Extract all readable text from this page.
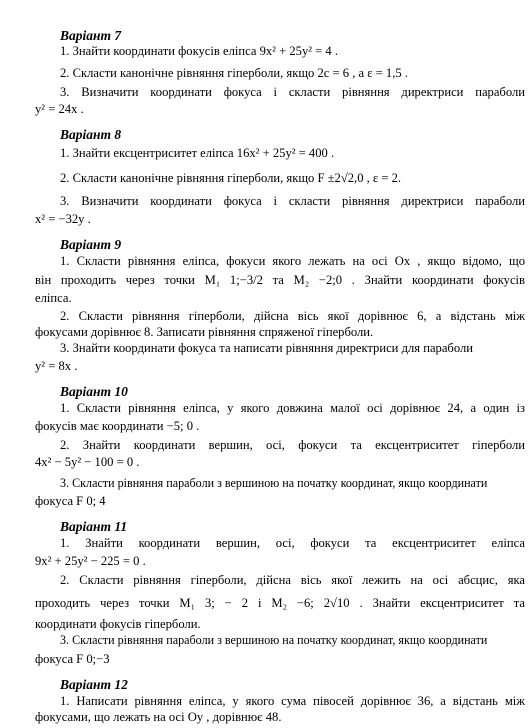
Варіант 7
1. Знайти координати фокусів еліпса 9x² + 25y² = 4 .
2. Скласти канонічне рівняння гіперболи, якщо 2c = 6 , а ε = 1,5 .
3. Визначити координати фокуса і скласти рівняння директриси параболи
y² = 24x .
Варіант 8
1. Знайти ексцентриситет еліпса 16x² + 25y² = 400 .
2. Скласти канонічне рівняння гіперболи, якщо F ±2√2,0 , ε = 2.
3. Визначити координати фокуса і скласти рівняння директриси параболи
x² = −32y .
Варіант 9
1. Скласти рівняння еліпса, фокуси якого лежать на осі Ox , якщо відомо, що
він проходить через точки M₁ 1;−3/2 та M₂ −2;0 . Знайти координати фокусів
еліпса.
2. Скласти рівняння гіперболи, дійсна вісь якої дорівнює 6, а відстань між
фокусами дорівнює 8. Записати рівняння спряженої гіперболи.
3. Знайти координати фокуса та написати рівняння директриси для параболи
y² = 8x .
Варіант 10
1. Скласти рівняння еліпса, у якого довжина малої осі дорівнює 24, а один із
фокусів має координати −5; 0 .
2. Знайти координати вершин, осі, фокуси та ексцентриситет гіперболи
4x² − 5y² − 100 = 0 .
3. Скласти рівняння параболи з вершиною на початку координат, якщо координати
фокуса F 0; 4
Варіант 11
1. Знайти координати вершин, осі, фокуси та ексцентриситет еліпса
9x² + 25y² − 225 = 0 .
2. Скласти рівняння гіперболи, дійсна вісь якої лежить на осі абсцис, яка
проходить через точки M₁ 3; − 2 і M₂ −6; 2√10 . Знайти ексцентриситет та
координати фокусів гіперболи.
3. Скласти рівняння параболи з вершиною на початку координат, якщо координати
фокуса F 0;−3
Варіант 12
1. Написати рівняння еліпса, у якого сума півосей дорівнює 36, а відстань між
фокусами, що лежать на осі Oy , дорівнює 48.
